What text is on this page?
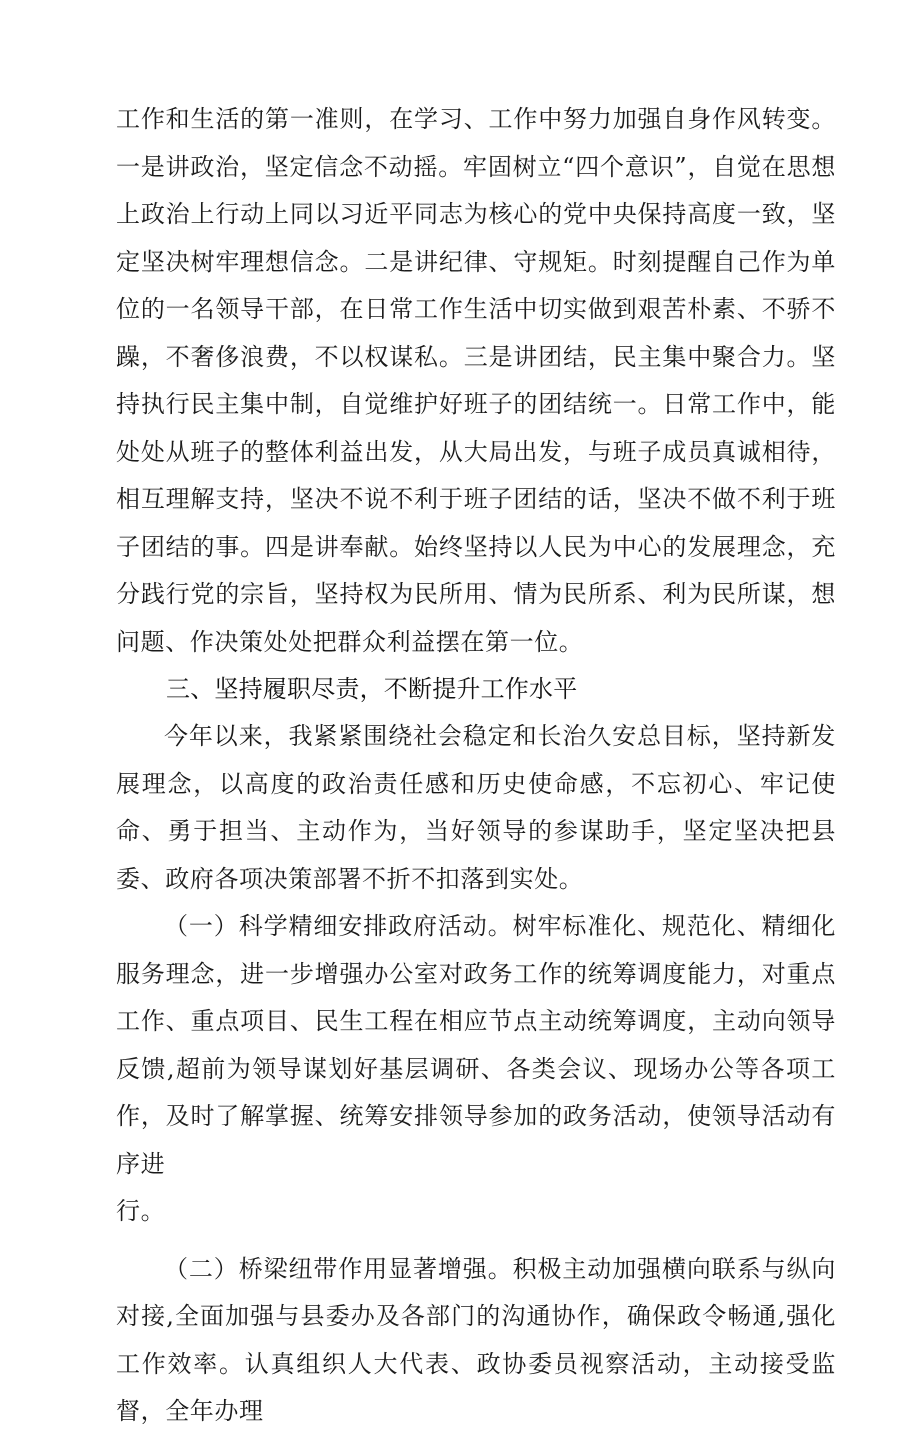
工作和生活的第一准则，在学习、工作中努力加强自身作风转变。一是讲政治，坚定信念不动摇。牢固树立“四个意识”，自觉在思想上政治上行动上同以习近平同志为核心的党中央保持高度一致，坚定坚决树牢理想信念。二是讲纪律、守规矩。时刻提醒自己作为单位的一名领导干部，在日常工作生活中切实做到艰苦朴素、不骄不躁，不奢侈浪费，不以权谋私。三是讲团结，民主集中聚合力。坚持执行民主集中制，自觉维护好班子的团结统一。日常工作中，能处处从班子的整体利益出发，从大局出发，与班子成员真诚相待，相互理解支持，坚决不说不利于班子团结的话，坚决不做不利于班子团结的事。四是讲奉献。始终坚持以人民为中心的发展理念，充分践行党的宗旨，坚持权为民所用、情为民所系、利为民所谋，想问题、作决策处处把群众利益摆在第一位。

三、坚持履职尽责，不断提升工作水平

今年以来，我紧紧围绕社会稳定和长治久安总目标，坚持新发展理念，以高度的政治责任感和历史使命感，不忘初心、牢记使命、勇于担当、主动作为，当好领导的参谋助手，坚定坚决把县委、政府各项决策部署不折不扣落到实处。

（一）科学精细安排政府活动。树牢标准化、规范化、精细化服务理念，进一步增强办公室对政务工作的统筹调度能力，对重点工作、重点项目、民生工程在相应节点主动统筹调度，主动向领导反馈,超前为领导谋划好基层调研、各类会议、现场办公等各项工作，及时了解掌握、统筹安排领导参加的政务活动，使领导活动有序进

行。

（二）桥梁纽带作用显著增强。积极主动加强横向联系与纵向对接,全面加强与县委办及各部门的沟通协作，确保政令畅通,强化工作效率。认真组织人大代表、政协委员视察活动，主动接受监督，全年办理
